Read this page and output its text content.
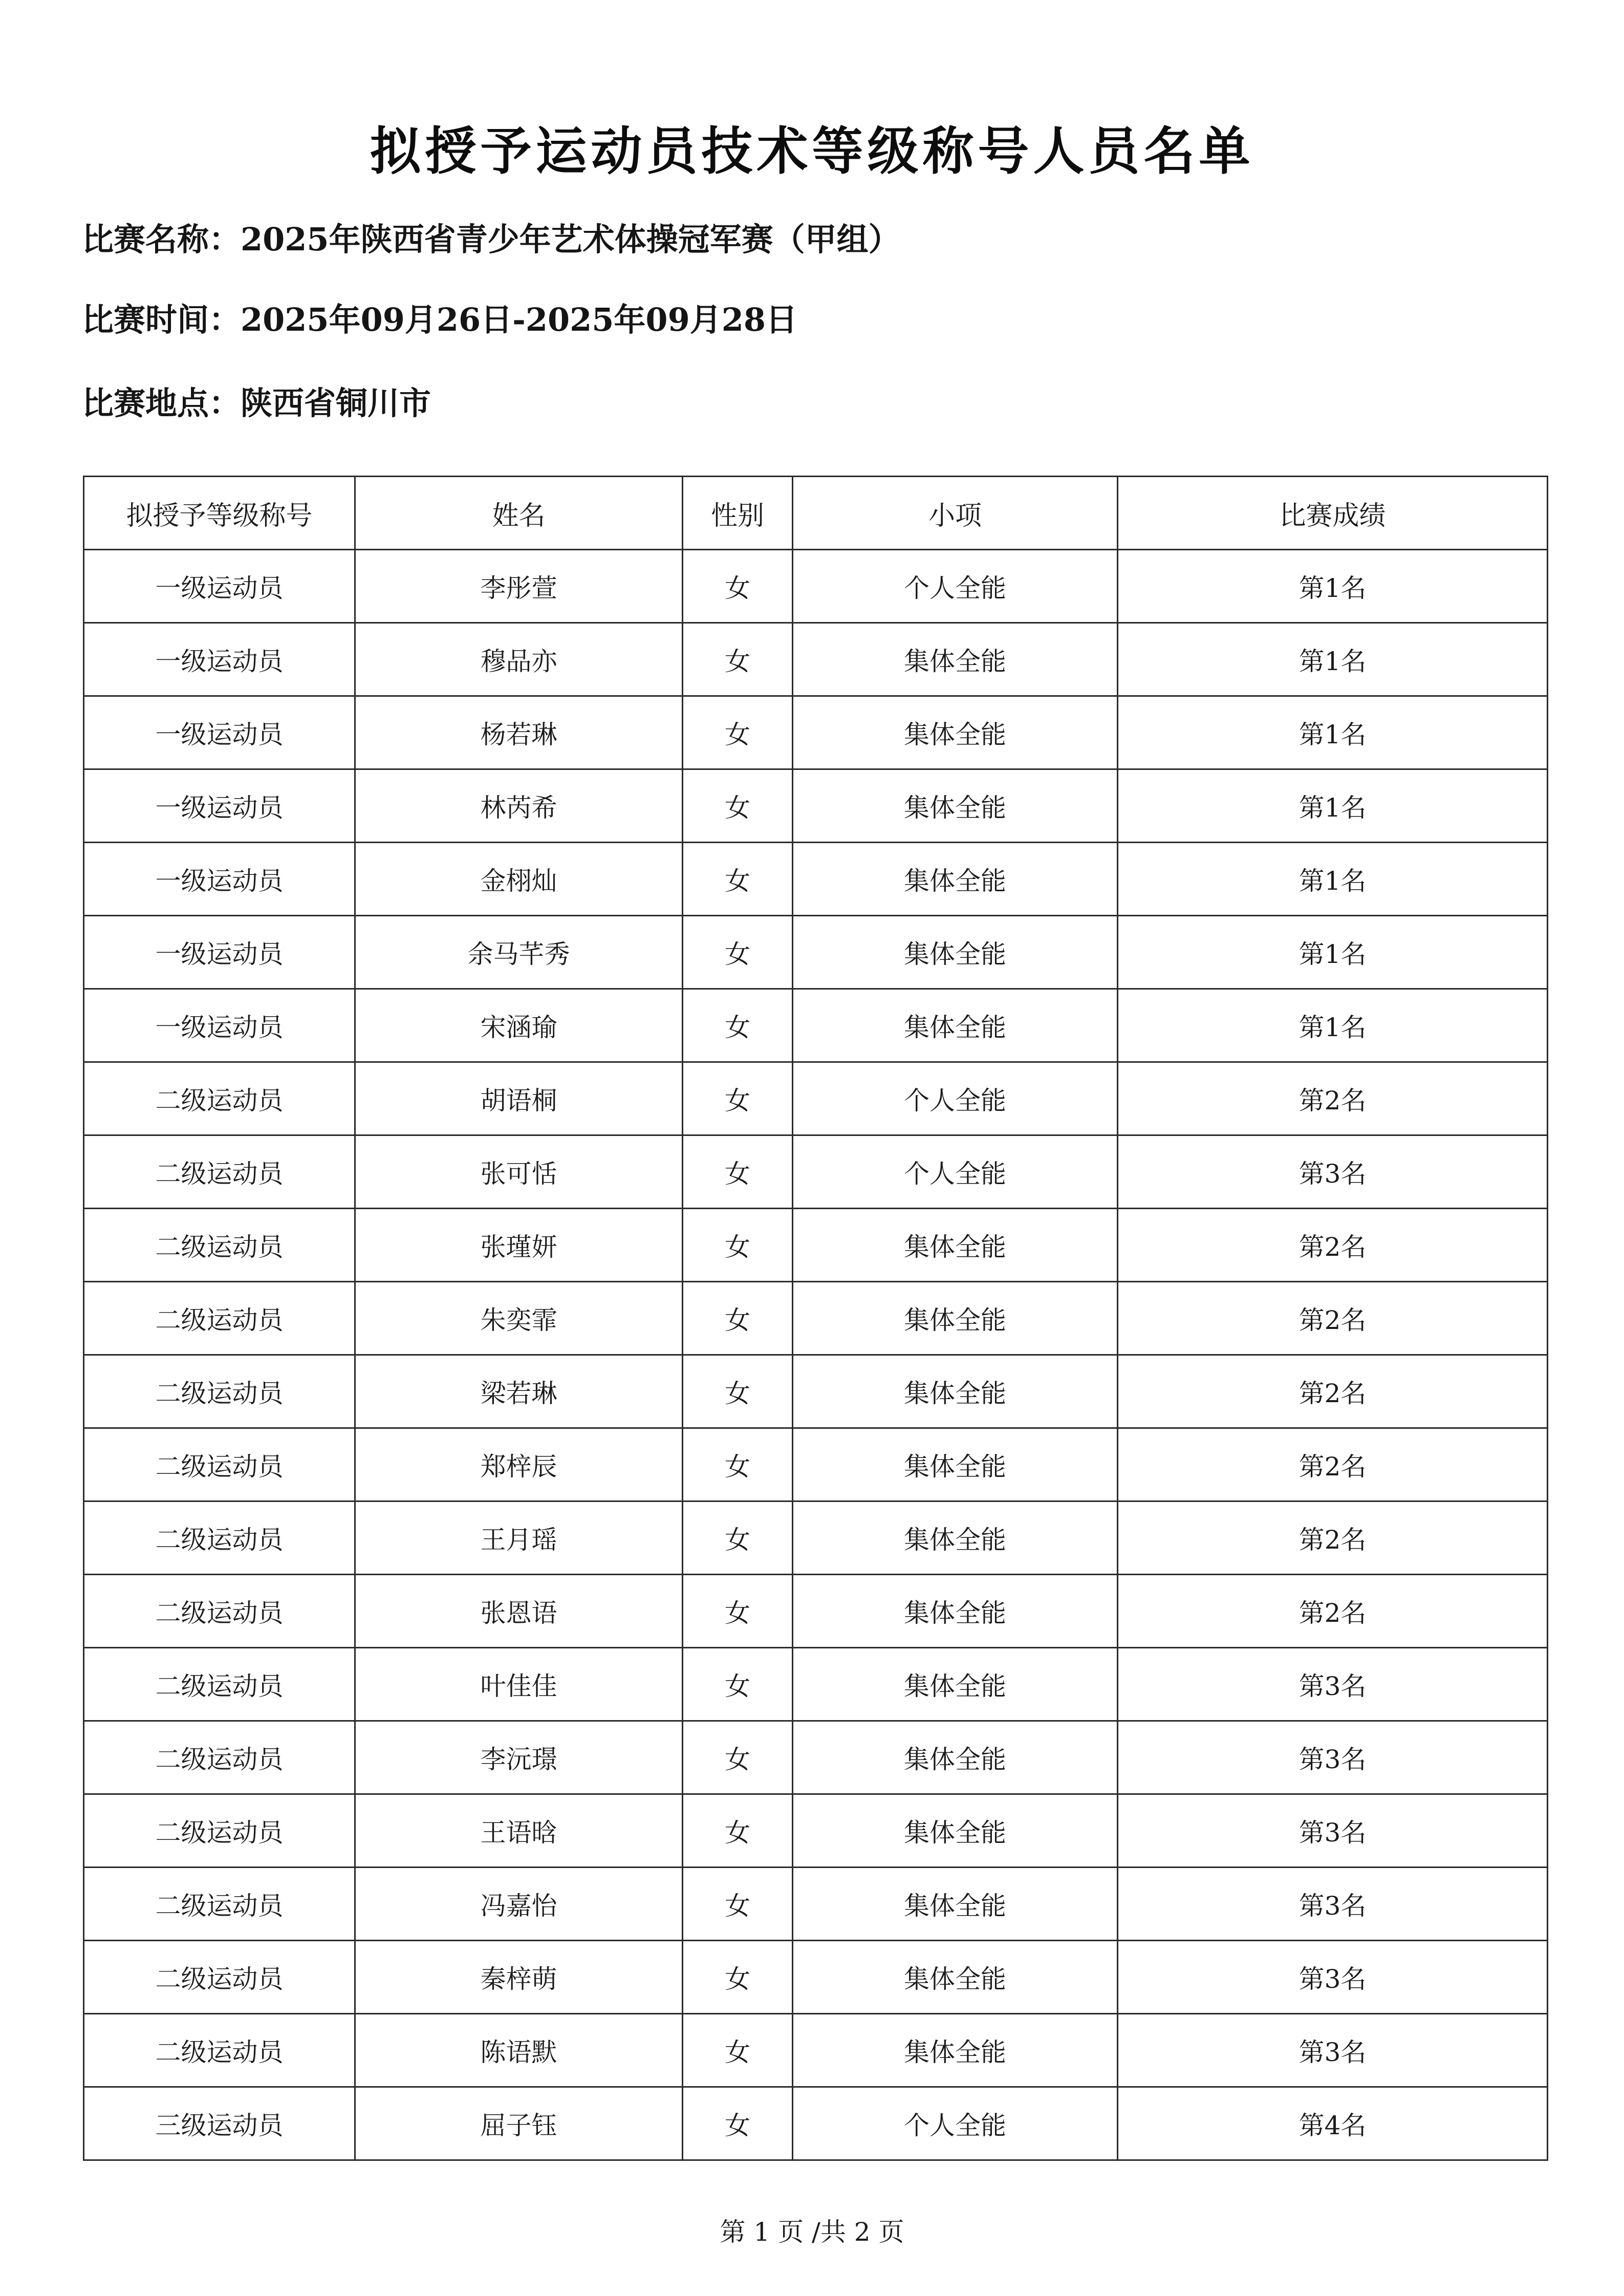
拟授予运动员技术等级称号人员名单
比赛名称：2025年陕西省青少年艺术体操冠军赛（甲组）
比赛时间：2025年09月26日-2025年09月28日
比赛地点：陕西省铜川市
拟授予等级称号	姓名	性别	小项	比赛成绩
一级运动员	李彤萱	女	个人全能	第1名
一级运动员	穆品亦	女	集体全能	第1名
一级运动员	杨若琳	女	集体全能	第1名
一级运动员	林芮希	女	集体全能	第1名
一级运动员	金栩灿	女	集体全能	第1名
一级运动员	余马芊秀	女	集体全能	第1名
一级运动员	宋涵瑜	女	集体全能	第1名
二级运动员	胡语桐	女	个人全能	第2名
二级运动员	张可恬	女	个人全能	第3名
二级运动员	张瑾妍	女	集体全能	第2名
二级运动员	朱奕霏	女	集体全能	第2名
二级运动员	梁若琳	女	集体全能	第2名
二级运动员	郑梓辰	女	集体全能	第2名
二级运动员	王月瑶	女	集体全能	第2名
二级运动员	张恩语	女	集体全能	第2名
二级运动员	叶佳佳	女	集体全能	第3名
二级运动员	李沅璟	女	集体全能	第3名
二级运动员	王语晗	女	集体全能	第3名
二级运动员	冯嘉怡	女	集体全能	第3名
二级运动员	秦梓萌	女	集体全能	第3名
二级运动员	陈语默	女	集体全能	第3名
三级运动员	屈子钰	女	个人全能	第4名
第 1 页 /共 2 页
